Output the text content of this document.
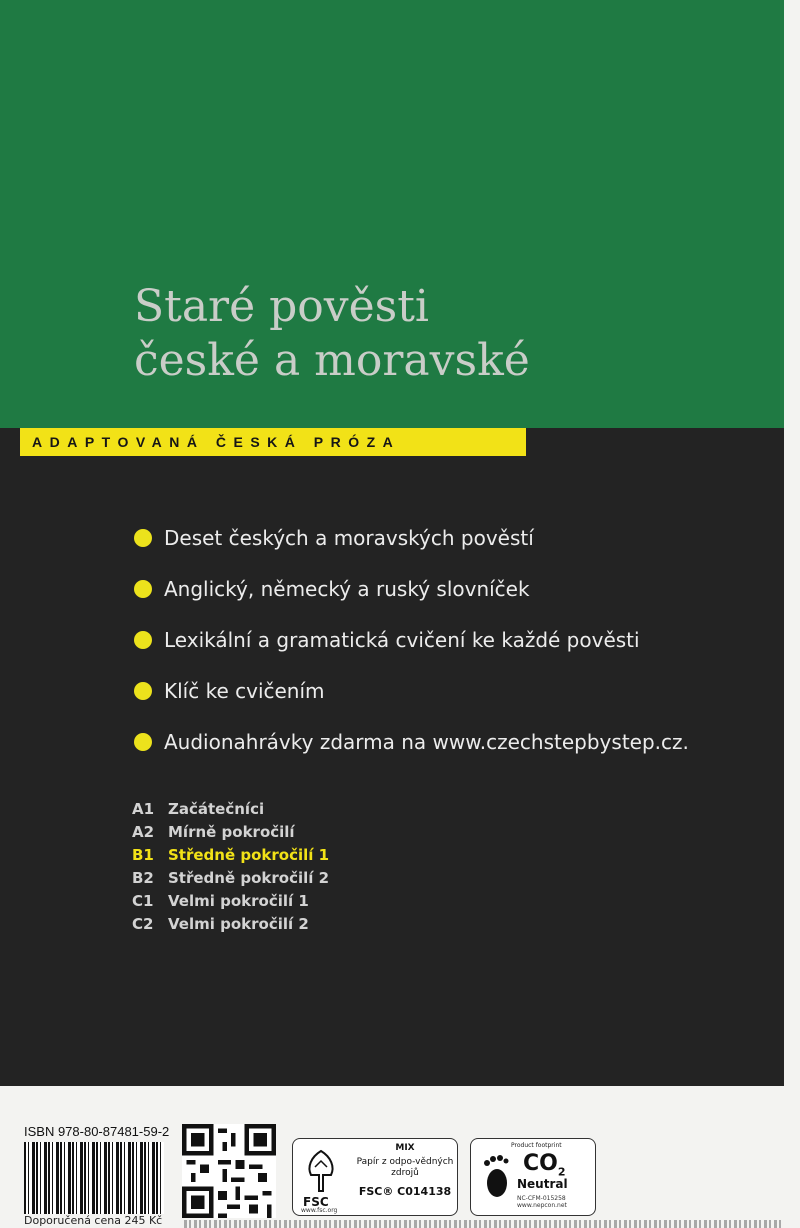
Staré pověsti
české a moravské
ADAPTOVANÁ ČESKÁ PRÓZA
Deset českých a moravských pověstí
Anglický, německý a ruský slovníček
Lexikální a gramatická cvičení ke každé pověsti
Klíč ke cvičením
Audionahrávky zdarma na www.czechstepbystep.cz.
A1 Začátečníci
A2 Mírně pokročilí
B1 Středně pokročilí 1
B2 Středně pokročilí 2
C1 Velmi pokročilí 1
C2 Velmi pokročilí 2
ISBN 978-80-87481-59-2
Doporučená cena 245 Kč
FSC
www.fsc.org
MIX
Papír z odpo-vědných zdrojů
FSC® C014138
Product footprint
$CO_2$
Neutral
NC-CFM-015258
www.nepcon.net
